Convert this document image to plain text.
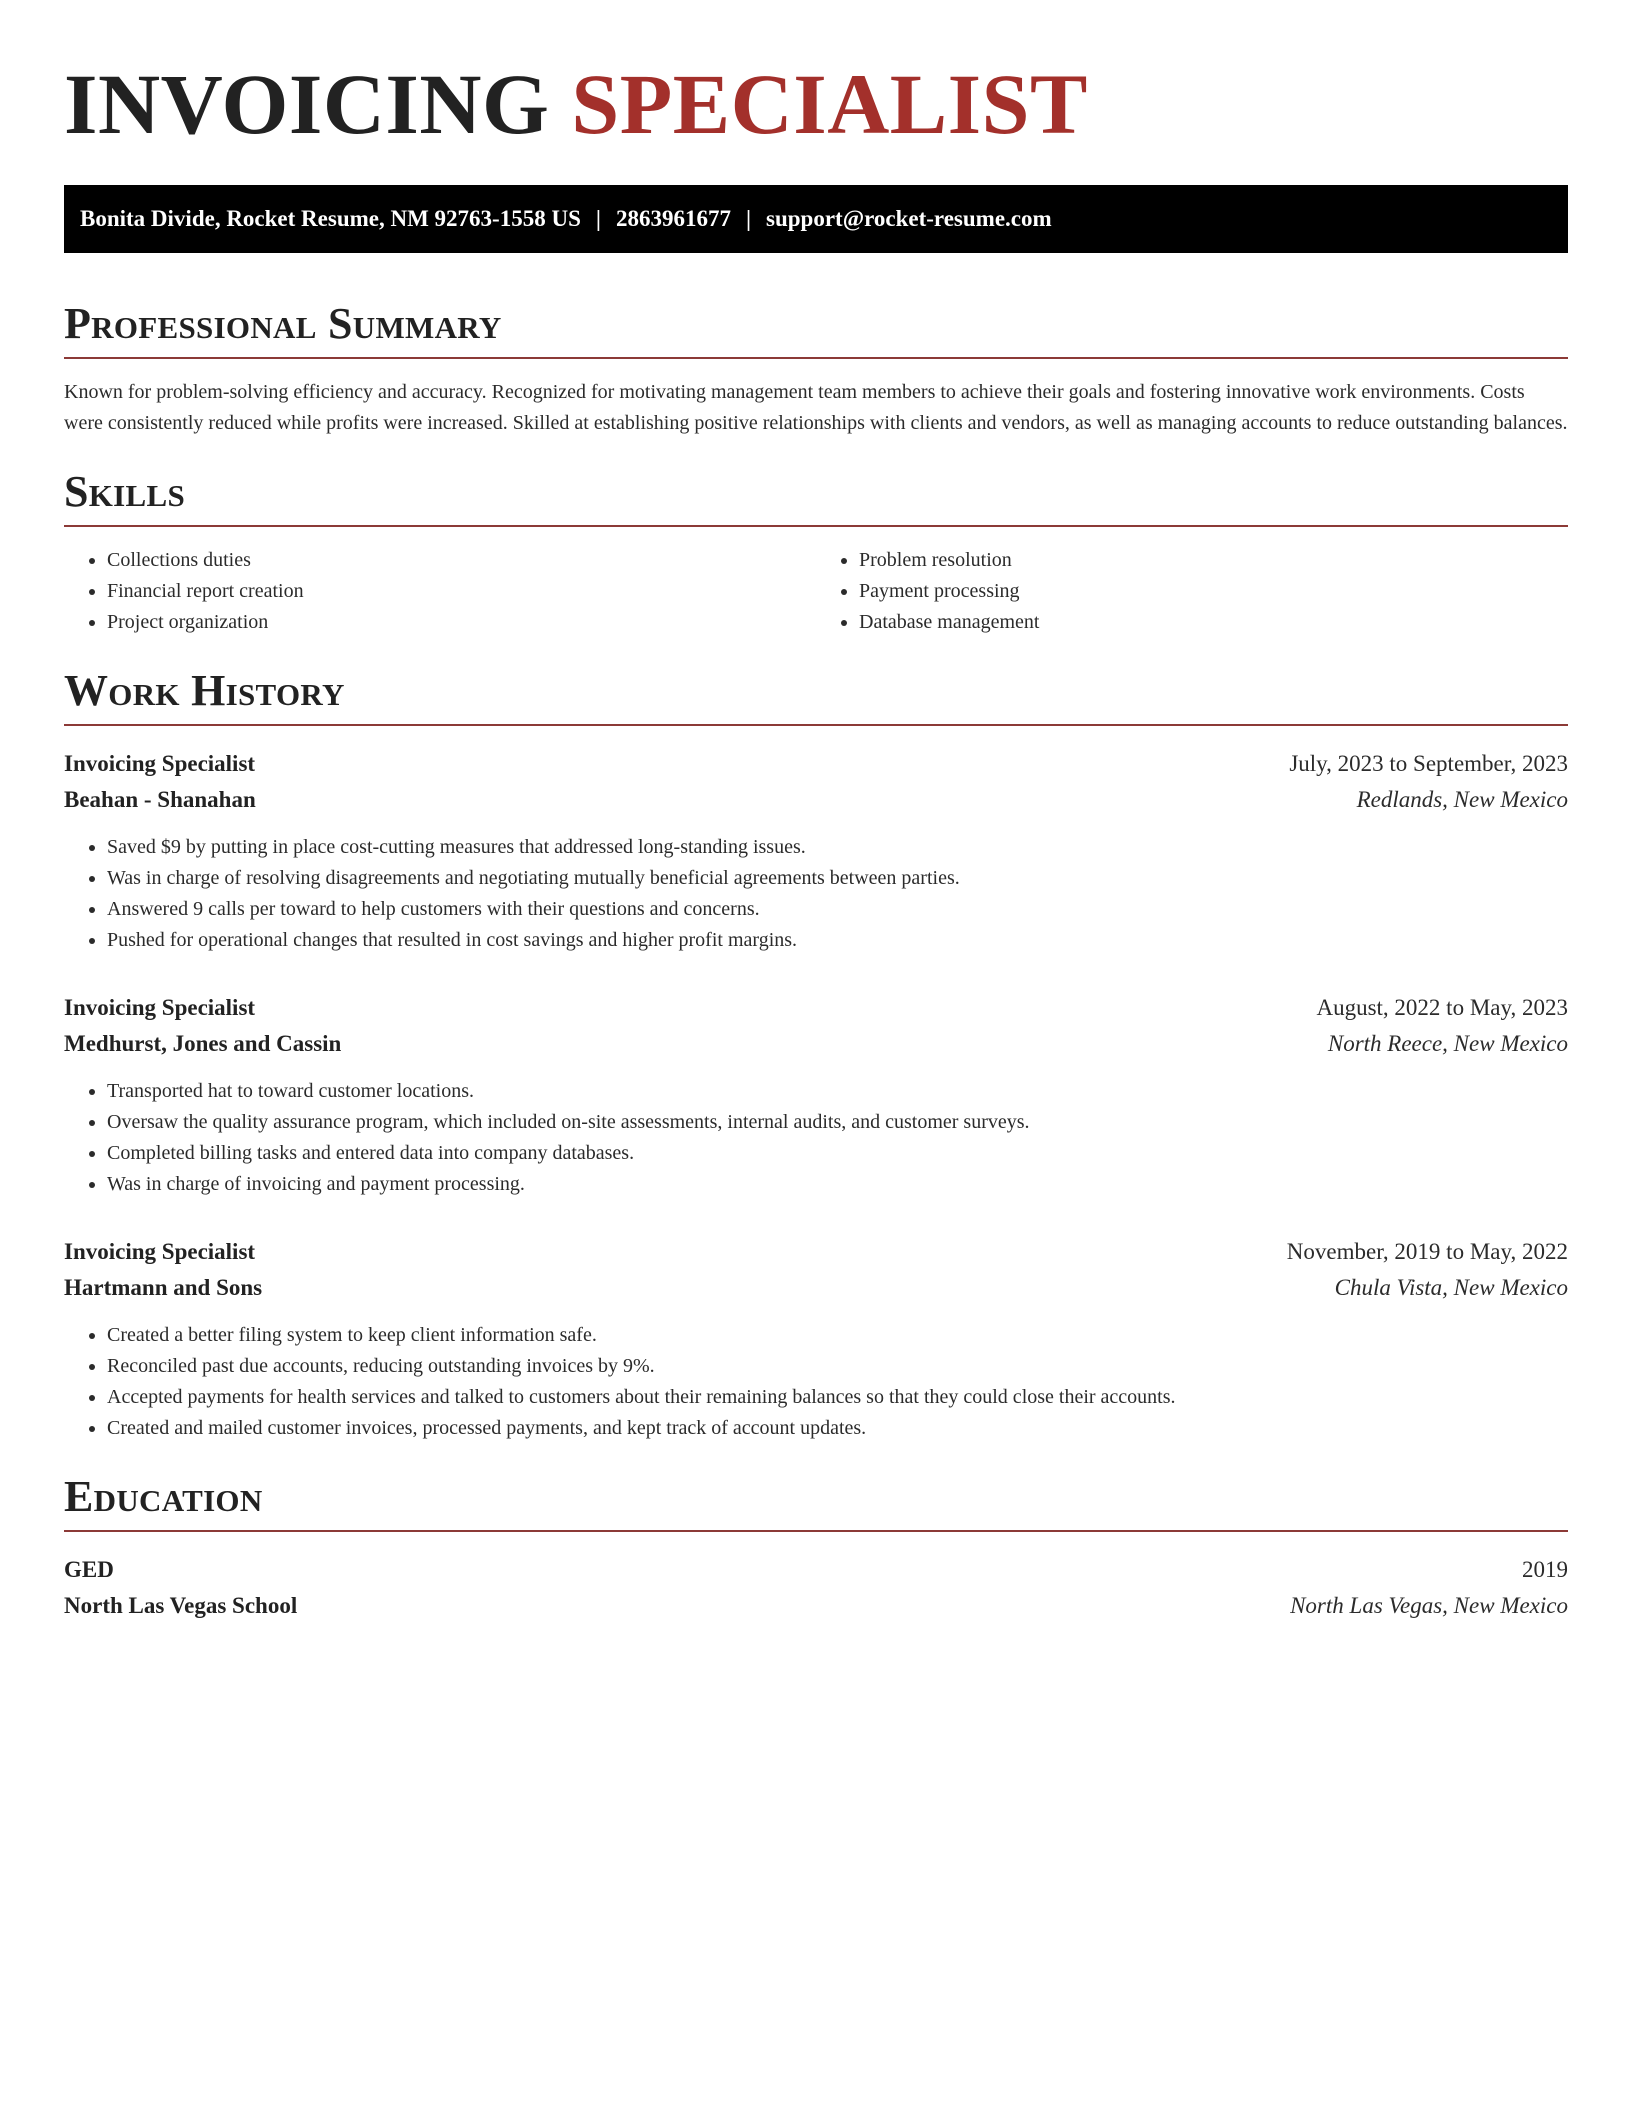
INVOICING SPECIALIST
Bonita Divide, Rocket Resume, NM 92763-1558 US | 2863961677 | support@rocket-resume.com
Professional Summary

Known for problem-solving efficiency and accuracy. Recognized for motivating management team members to achieve their goals and fostering innovative work environments. Costs were consistently reduced while profits were increased. Skilled at establishing positive relationships with clients and vendors, as well as managing accounts to reduce outstanding balances.

Skills
• Collections duties
• Financial report creation
• Project organization
• Problem resolution
• Payment processing
• Database management
Work History
Invoicing Specialist	July, 2023 to September, 2023
Beahan - Shanahan	Redlands, New Mexico
• Saved $9 by putting in place cost-cutting measures that addressed long-standing issues.
• Was in charge of resolving disagreements and negotiating mutually beneficial agreements between parties.
• Answered 9 calls per toward to help customers with their questions and concerns.
• Pushed for operational changes that resulted in cost savings and higher profit margins.
Invoicing Specialist	August, 2022 to May, 2023
Medhurst, Jones and Cassin	North Reece, New Mexico
• Transported hat to toward customer locations.
• Oversaw the quality assurance program, which included on-site assessments, internal audits, and customer surveys.
• Completed billing tasks and entered data into company databases.
• Was in charge of invoicing and payment processing.
Invoicing Specialist	November, 2019 to May, 2022
Hartmann and Sons	Chula Vista, New Mexico
• Created a better filing system to keep client information safe.
• Reconciled past due accounts, reducing outstanding invoices by 9%.
• Accepted payments for health services and talked to customers about their remaining balances so that they could close their accounts.
• Created and mailed customer invoices, processed payments, and kept track of account updates.
Education
GED	2019
North Las Vegas School	North Las Vegas, New Mexico
